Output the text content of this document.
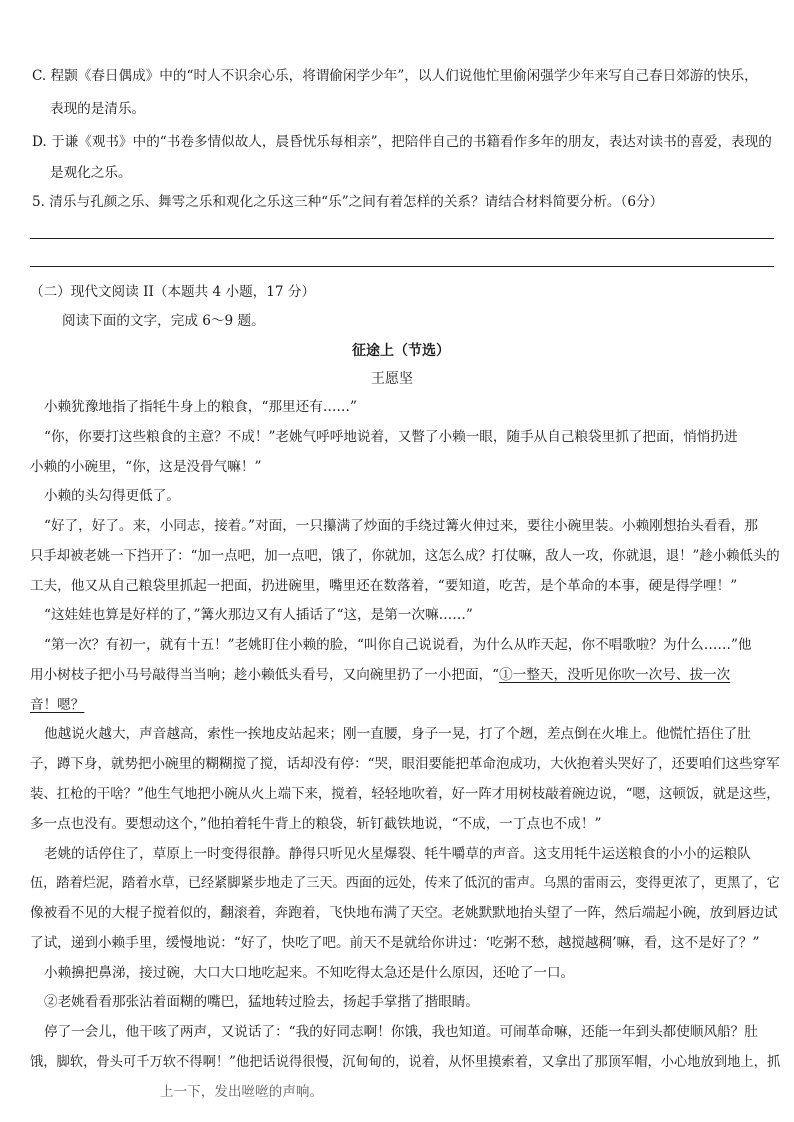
C. 程颢《春日偶成》中的“时人不识余心乐，将谓偷闲学少年”，以人们说他忙里偷闲强学少年来写自己春日郊游的快乐，
表现的是清乐。
D. 于谦《观书》中的“书卷多情似故人，晨昏忧乐每相亲”，把陪伴自己的书籍看作多年的朋友，表达对读书的喜爱，表现的
是观化之乐。
5. 清乐与孔颜之乐、舞雩之乐和观化之乐这三种“乐”之间有着怎样的关系？请结合材料简要分析。（6分）
（二）现代文阅读 II（本题共 4 小题，17 分）
阅读下面的文字，完成 6～9 题。
征途上（节选）
王愿坚
小赖犹豫地指了指牦牛身上的粮食，“那里还有……”
“你，你要打这些粮食的主意？不成！”老姚气呼呼地说着，又瞥了小赖一眼，随手从自己粮袋里抓了把面，悄悄扔进
小赖的小碗里，“你，这是没骨气嘛！”
小赖的头勾得更低了。
“好了，好了。来，小同志，接着。”对面，一只攥满了炒面的手绕过篝火伸过来，要往小碗里装。小赖刚想抬头看看，那
只手却被老姚一下挡开了：“加一点吧，加一点吧，饿了，你就加，这怎么成？打仗嘛，敌人一攻，你就退，退！”趁小赖低头的
工夫，他又从自己粮袋里抓起一把面，扔进碗里，嘴里还在数落着，“要知道，吃苦，是个革命的本事，硬是得学哩！”
“这娃娃也算是好样的了，”篝火那边又有人插话了“这，是第一次嘛……”
“第一次？有初一，就有十五！”老姚盯住小赖的脸，“叫你自己说说看，为什么从昨天起，你不唱歌啦？为什么……”他
用小树枝子把小马号敲得当当响；趁小赖低头看号，又向碗里扔了一小把面，“①一整天，没听见你吹一次号、拔一次
音！嗯？
他越说火越大，声音越高，索性一挨地皮站起来；刚一直腰，身子一晃，打了个趔，差点倒在火堆上。他慌忙捂住了肚
子，蹲下身，就势把小碗里的糊糊搅了搅，话却没有停：“哭，眼泪要能把革命泡成功，大伙抱着头哭好了，还要咱们这些穿军
装、扛枪的干啥？”他生气地把小碗从火上端下来，搅着，轻轻地吹着，好一阵才用树枝敲着碗边说，“嗯，这顿饭，就是这些，
多一点也没有。要想动这个，”他拍着牦牛背上的粮袋，斩钉截铁地说，“不成，一丁点也不成！”
老姚的话停住了，草原上一时变得很静。静得只听见火星爆裂、牦牛嚼草的声音。这支用牦牛运送粮食的小小的运粮队
伍，踏着烂泥，踏着水草，已经紧脚紧步地走了三天。西面的远处，传来了低沉的雷声。乌黑的雷雨云，变得更浓了，更黑了，它
像被看不见的大棍子搅着似的，翻滚着，奔跑着，飞快地布满了天空。老姚默默地抬头望了一阵，然后端起小碗，放到唇边试
了试，递到小赖手里，缓慢地说：“好了，快吃了吧。前天不是就给你讲过：‘吃粥不愁，越搅越稠’嘛，看，这不是好了？”
小赖擤把鼻涕，接过碗，大口大口地吃起来。不知吃得太急还是什么原因，还呛了一口。
②老姚看看那张沾着面糊的嘴巴，猛地转过脸去，扬起手掌揩了揩眼睛。
停了一会儿，他干咳了两声，又说话了：“我的好同志啊！你饿，我也知道。可闹革命嘛，还能一年到头都使顺风船？肚
饿，脚软，骨头可千万软不得啊！”他把话说得很慢，沉甸甸的，说着，从怀里摸索着，又拿出了那顶军帽，小心地放到地上，抓
上一下，发出咝咝的声响。
